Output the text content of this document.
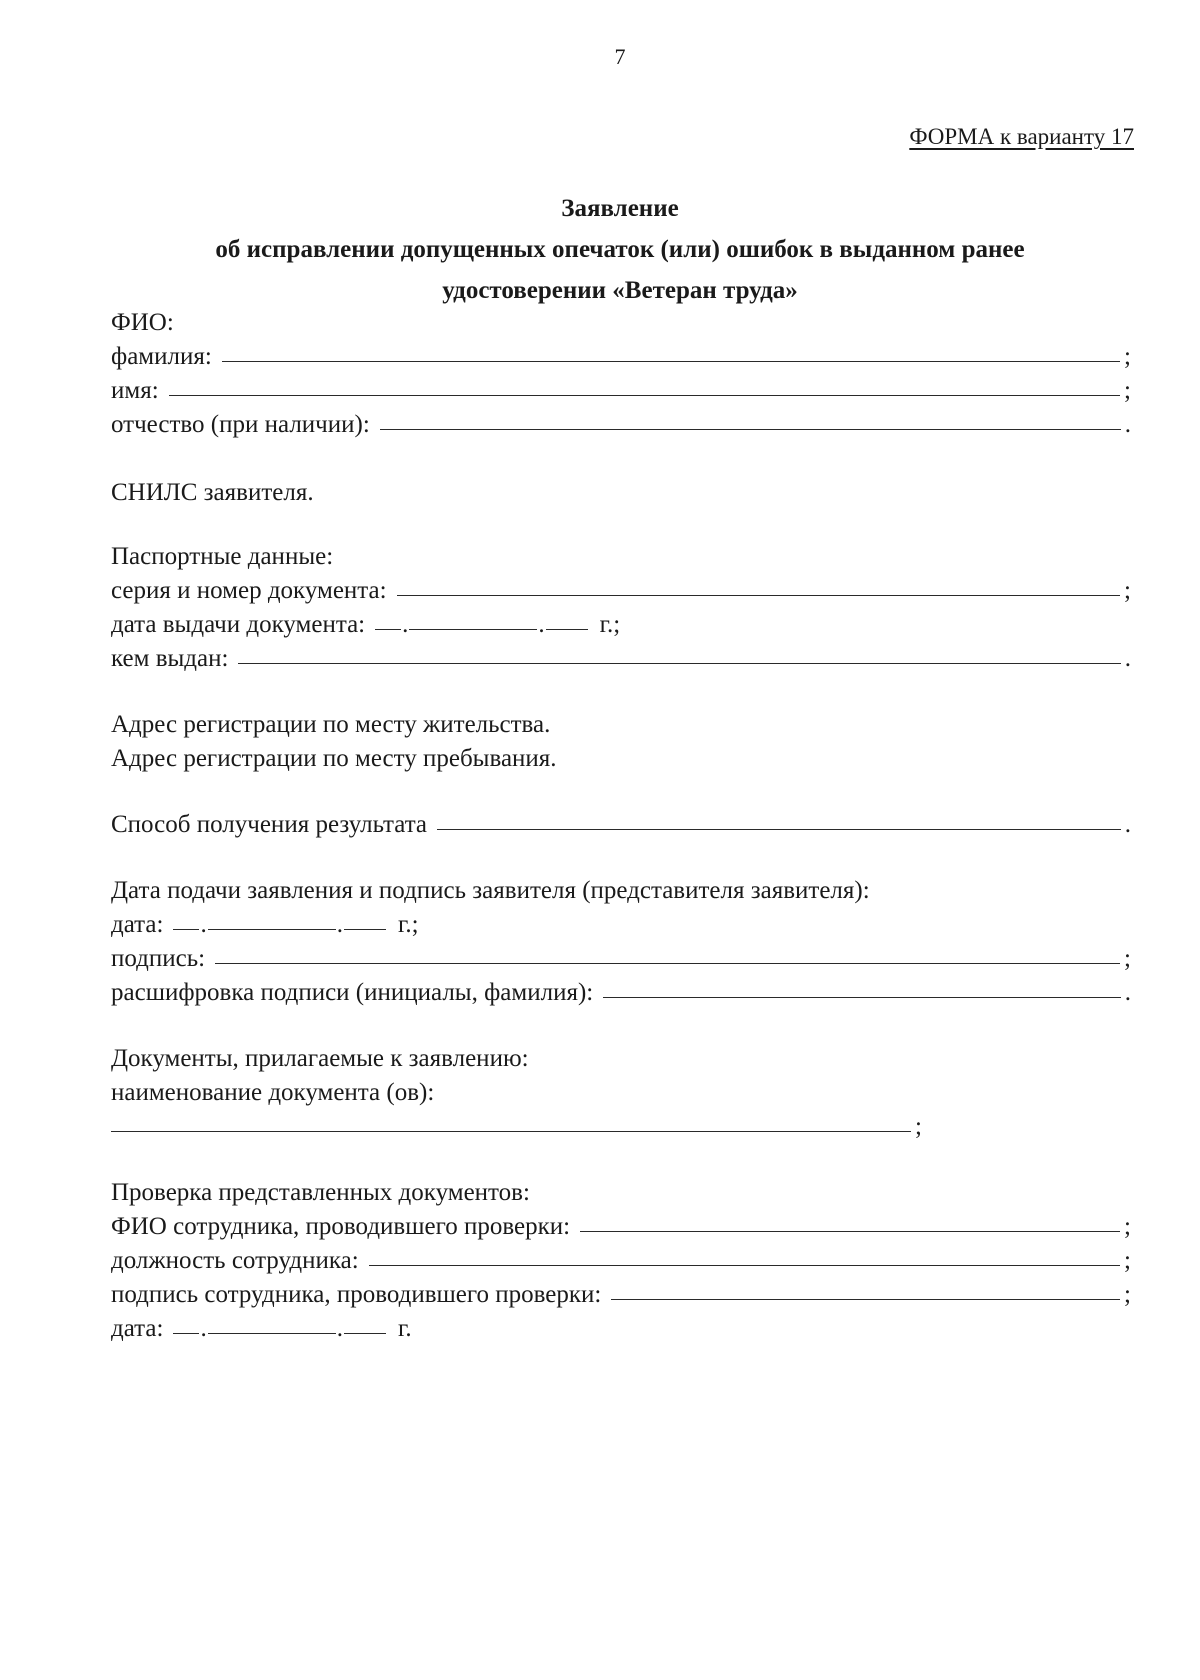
7
ФОРМА к варианту 17
Заявление
об исправлении допущенных опечаток (или) ошибок в выданном ранее
удостоверении «Ветеран труда»
ФИО:
фамилия:	;
имя:	;
отчество (при наличии):	.
СНИЛС заявителя.
Паспортные данные:
серия и номер документа:	;
дата выдачи документа: .	. г.;
кем выдан:	.
Адрес регистрации по месту жительства.
Адрес регистрации по месту пребывания.
Способ получения результата	.
Дата подачи заявления и подпись заявителя (представителя заявителя):
дата: .	. г.;
подпись:	;
расшифровка подписи (инициалы, фамилия):	.
Документы, прилагаемые к заявлению:
наименование документа (ов):
;
Проверка представленных документов:
ФИО сотрудника, проводившего проверки:	;
должность сотрудника:	;
подпись сотрудника, проводившего проверки:	;
дата: .	. г.
